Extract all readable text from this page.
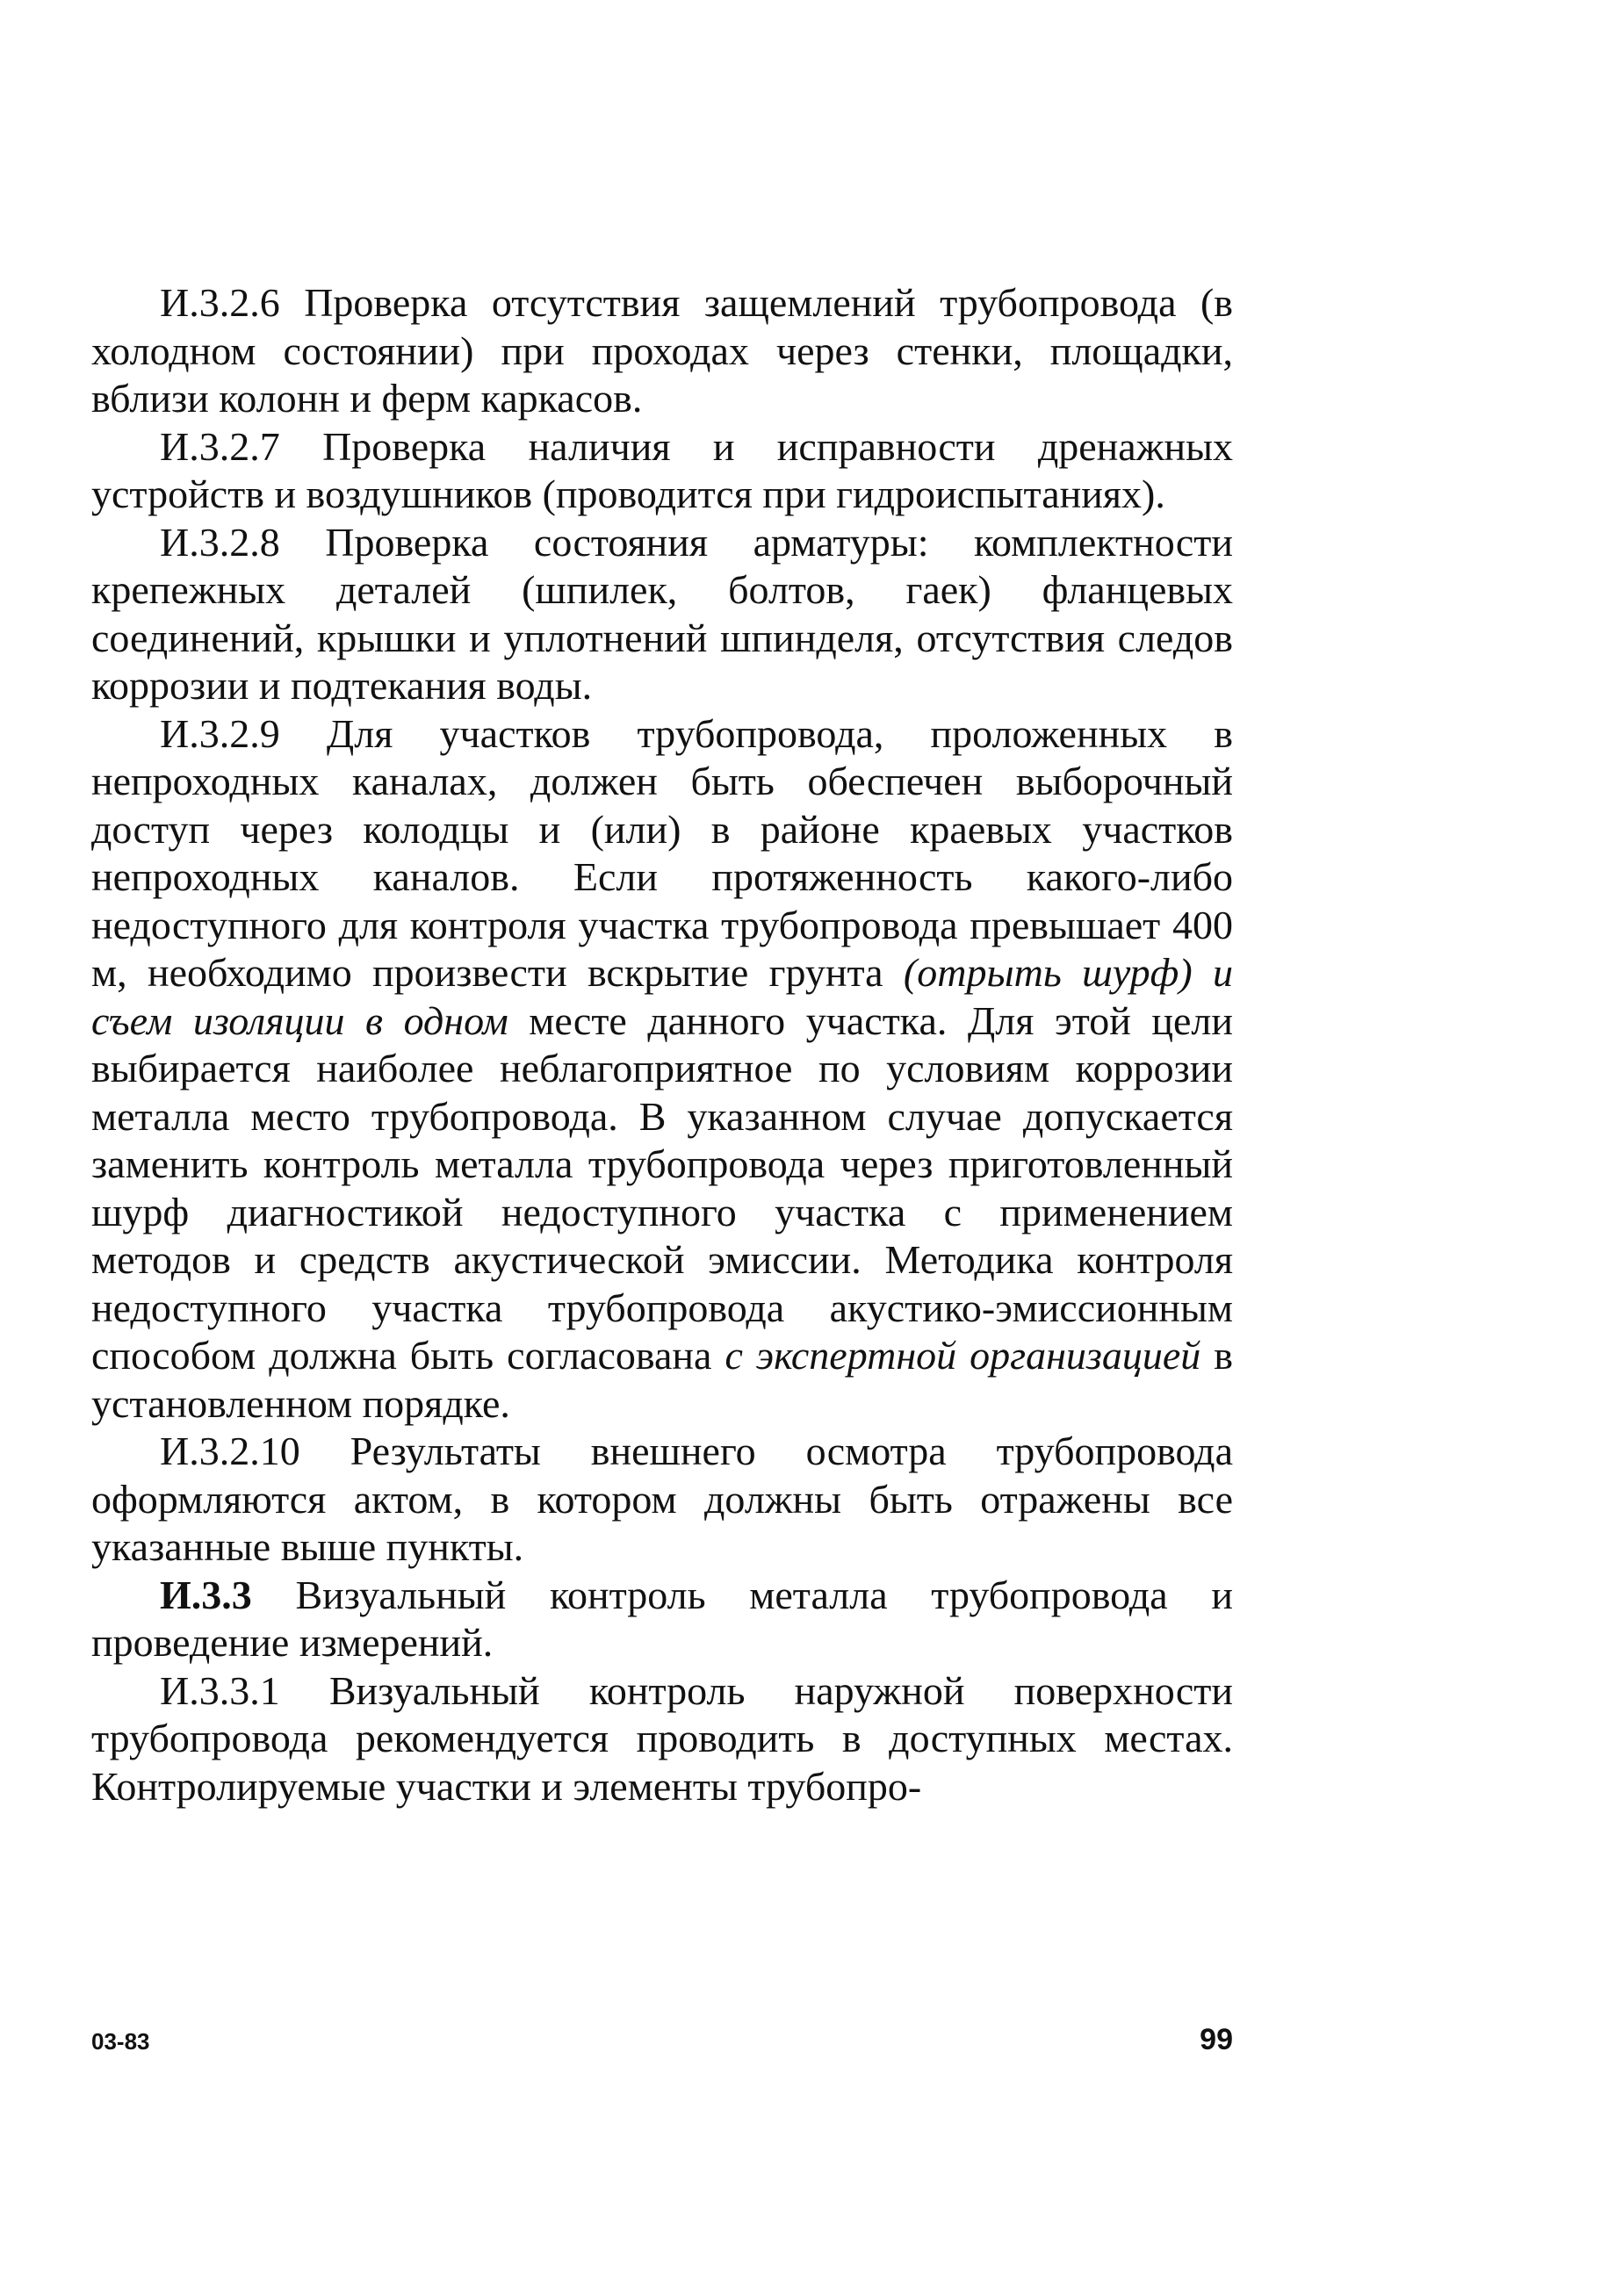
И.3.2.6 Проверка отсутствия защемлений трубопровода (в холодном состоянии) при проходах через стенки, площадки, вблизи колонн и ферм каркасов.

И.3.2.7 Проверка наличия и исправности дренажных устройств и воздушников (проводится при гидроиспытаниях).

И.3.2.8 Проверка состояния арматуры: комплектности крепежных деталей (шпилек, болтов, гаек) фланцевых соединений, крышки и уплотнений шпинделя, отсутствия следов коррозии и подтекания воды.

И.3.2.9 Для участков трубопровода, проложенных в непроходных каналах, должен быть обеспечен выборочный доступ через колодцы и (или) в районе краевых участков непроходных каналов. Если протяженность какого-либо недоступного для контроля участка трубопровода превышает 400 м, необходимо произвести вскрытие грунта (отрыть шурф) и съем изоляции в одном месте данного участка. Для этой цели выбирается наиболее неблагоприятное по условиям коррозии металла место трубопровода. В указанном случае допускается заменить контроль металла трубопровода через приготовленный шурф диагностикой недоступного участка с применением методов и средств акустической эмиссии. Методика контроля недоступного участка трубопровода акустико-эмиссионным способом должна быть согласована с экспертной организацией в установленном порядке.

И.3.2.10 Результаты внешнего осмотра трубопровода оформляются актом, в котором должны быть отражены все указанные выше пункты.

И.3.3 Визуальный контроль металла трубопровода и проведение измерений.

И.3.3.1 Визуальный контроль наружной поверхности трубопровода рекомендуется проводить в доступных местах. Контролируемые участки и элементы трубопро-

03-83	99
